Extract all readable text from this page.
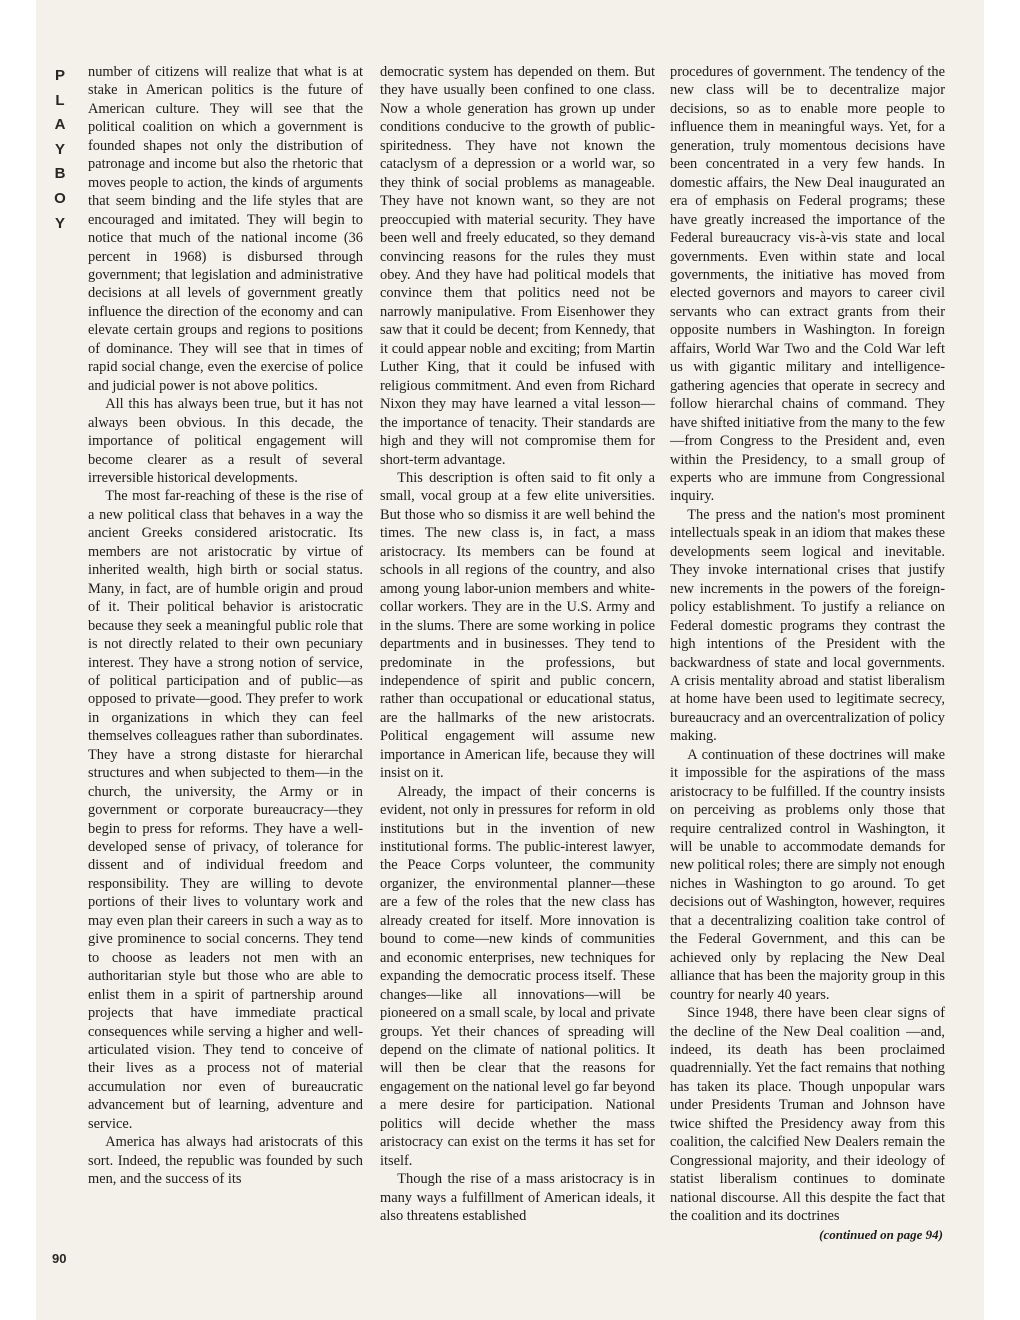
P
L
A
Y
B
O
Y

number of citizens will realize that what is at stake in American politics is the future of American culture. They will see that the political coalition on which a government is founded shapes not only the distribution of patronage and income but also the rhetoric that moves people to action, the kinds of arguments that seem binding and the life styles that are encouraged and imitated. They will begin to notice that much of the national income (36 percent in 1968) is disbursed through government; that legislation and administrative decisions at all levels of government greatly influence the direction of the economy and can elevate certain groups and regions to positions of dominance. They will see that in times of rapid social change, even the exercise of police and judicial power is not above politics.

All this has always been true, but it has not always been obvious. In this decade, the importance of political engagement will become clearer as a result of several irreversible historical developments.

The most far-reaching of these is the rise of a new political class that behaves in a way the ancient Greeks considered aristocratic. Its members are not aristocratic by virtue of inherited wealth, high birth or social status. Many, in fact, are of humble origin and proud of it. Their political behavior is aristocratic because they seek a meaningful public role that is not directly related to their own pecuniary interest. They have a strong notion of service, of political participation and of public—as opposed to private—good. They prefer to work in organizations in which they can feel themselves colleagues rather than subordinates. They have a strong distaste for hierarchal structures and when subjected to them—in the church, the university, the Army or in government or corporate bureaucracy—they begin to press for reforms. They have a well-developed sense of privacy, of tolerance for dissent and of individual freedom and responsibility. They are willing to devote portions of their lives to voluntary work and may even plan their careers in such a way as to give prominence to social concerns. They tend to choose as leaders not men with an authoritarian style but those who are able to enlist them in a spirit of partnership around projects that have immediate practical consequences while serving a higher and well-articulated vision. They tend to conceive of their lives as a process not of material accumulation nor even of bureaucratic advancement but of learning, adventure and service.

America has always had aristocrats of this sort. Indeed, the republic was founded by such men, and the success of its

democratic system has depended on them. But they have usually been confined to one class. Now a whole generation has grown up under conditions conducive to the growth of public-spiritedness. They have not known the cataclysm of a depression or a world war, so they think of social problems as manageable. They have not known want, so they are not preoccupied with material security. They have been well and freely educated, so they demand convincing reasons for the rules they must obey. And they have had political models that convince them that politics need not be narrowly manipulative. From Eisenhower they saw that it could be decent; from Kennedy, that it could appear noble and exciting; from Martin Luther King, that it could be infused with religious commitment. And even from Richard Nixon they may have learned a vital lesson—the importance of tenacity. Their standards are high and they will not compromise them for short-term advantage.

This description is often said to fit only a small, vocal group at a few elite universities. But those who so dismiss it are well behind the times. The new class is, in fact, a mass aristocracy. Its members can be found at schools in all regions of the country, and also among young labor-union members and white-collar workers. They are in the U.S. Army and in the slums. There are some working in police departments and in businesses. They tend to predominate in the professions, but independence of spirit and public concern, rather than occupational or educational status, are the hallmarks of the new aristocrats. Political engagement will assume new importance in American life, because they will insist on it.

Already, the impact of their concerns is evident, not only in pressures for reform in old institutions but in the invention of new institutional forms. The public-interest lawyer, the Peace Corps volunteer, the community organizer, the environmental planner—these are a few of the roles that the new class has already created for itself. More innovation is bound to come—new kinds of communities and economic enterprises, new techniques for expanding the democratic process itself. These changes—like all innovations—will be pioneered on a small scale, by local and private groups. Yet their chances of spreading will depend on the climate of national politics. It will then be clear that the reasons for engagement on the national level go far beyond a mere desire for participation. National politics will decide whether the mass aristocracy can exist on the terms it has set for itself.

Though the rise of a mass aristocracy is in many ways a fulfillment of American ideals, it also threatens established

procedures of government. The tendency of the new class will be to decentralize major decisions, so as to enable more people to influence them in meaningful ways. Yet, for a generation, truly momentous decisions have been concentrated in a very few hands. In domestic affairs, the New Deal inaugurated an era of emphasis on Federal programs; these have greatly increased the importance of the Federal bureaucracy vis-à-vis state and local governments. Even within state and local governments, the initiative has moved from elected governors and mayors to career civil servants who can extract grants from their opposite numbers in Washington. In foreign affairs, World War Two and the Cold War left us with gigantic military and intelligence-gathering agencies that operate in secrecy and follow hierarchal chains of command. They have shifted initiative from the many to the few—from Congress to the President and, even within the Presidency, to a small group of experts who are immune from Congressional inquiry.

The press and the nation's most prominent intellectuals speak in an idiom that makes these developments seem logical and inevitable. They invoke international crises that justify new increments in the powers of the foreign-policy establishment. To justify a reliance on Federal domestic programs they contrast the high intentions of the President with the backwardness of state and local governments. A crisis mentality abroad and statist liberalism at home have been used to legitimate secrecy, bureaucracy and an overcentralization of policy making.

A continuation of these doctrines will make it impossible for the aspirations of the mass aristocracy to be fulfilled. If the country insists on perceiving as problems only those that require centralized control in Washington, it will be unable to accommodate demands for new political roles; there are simply not enough niches in Washington to go around. To get decisions out of Washington, however, requires that a decentralizing coalition take control of the Federal Government, and this can be achieved only by replacing the New Deal alliance that has been the majority group in this country for nearly 40 years.

Since 1948, there have been clear signs of the decline of the New Deal coalition —and, indeed, its death has been proclaimed quadrennially. Yet the fact remains that nothing has taken its place. Though unpopular wars under Presidents Truman and Johnson have twice shifted the Presidency away from this coalition, the calcified New Dealers remain the Congressional majority, and their ideology of statist liberalism continues to dominate national discourse. All this despite the fact that the coalition and its doctrines

(continued on page 94)
90
